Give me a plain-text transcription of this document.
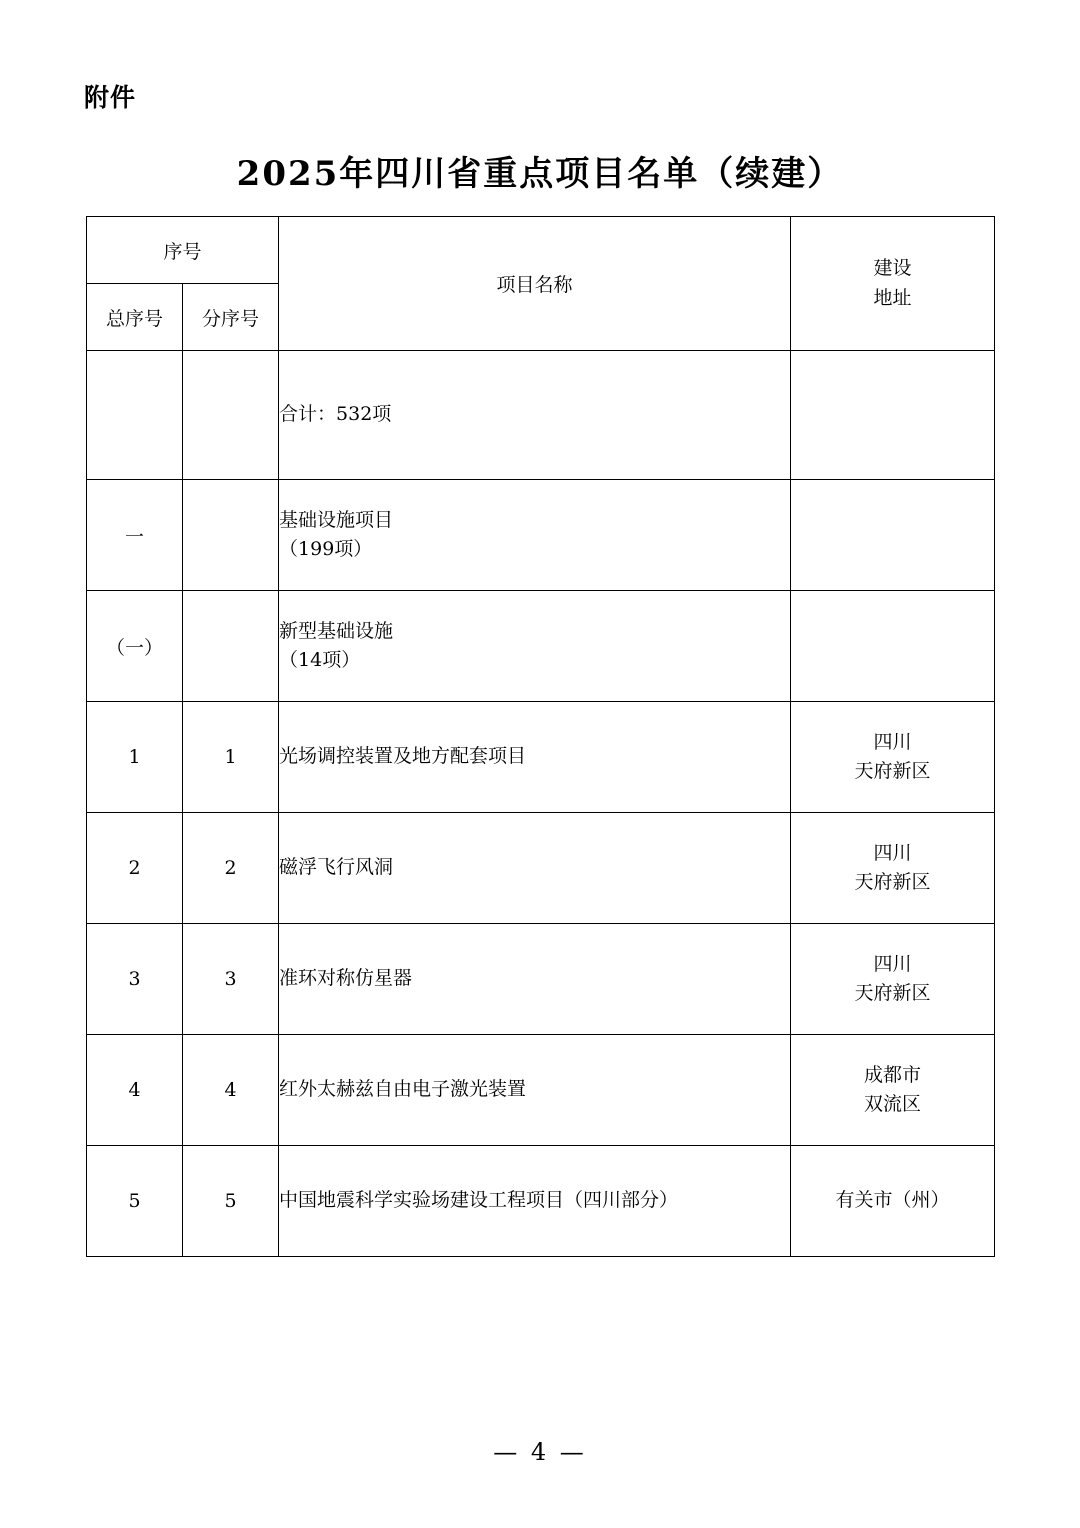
附件
2025年四川省重点项目名单（续建）
序号		项目名称	建设
地址

总序号	分序号		

		合计：532项	

一		基础设施项目
（199项）	

（一）		新型基础设施
（14项）	

1	1	光场调控装置及地方配套项目	四川
天府新区

2	2	磁浮飞行风洞	四川
天府新区

3	3	准环对称仿星器	四川
天府新区

4	4	红外太赫兹自由电子激光装置	成都市
双流区

5	5	中国地震科学实验场建设工程项目（四川部分）	有关市（州）
— 4 —
